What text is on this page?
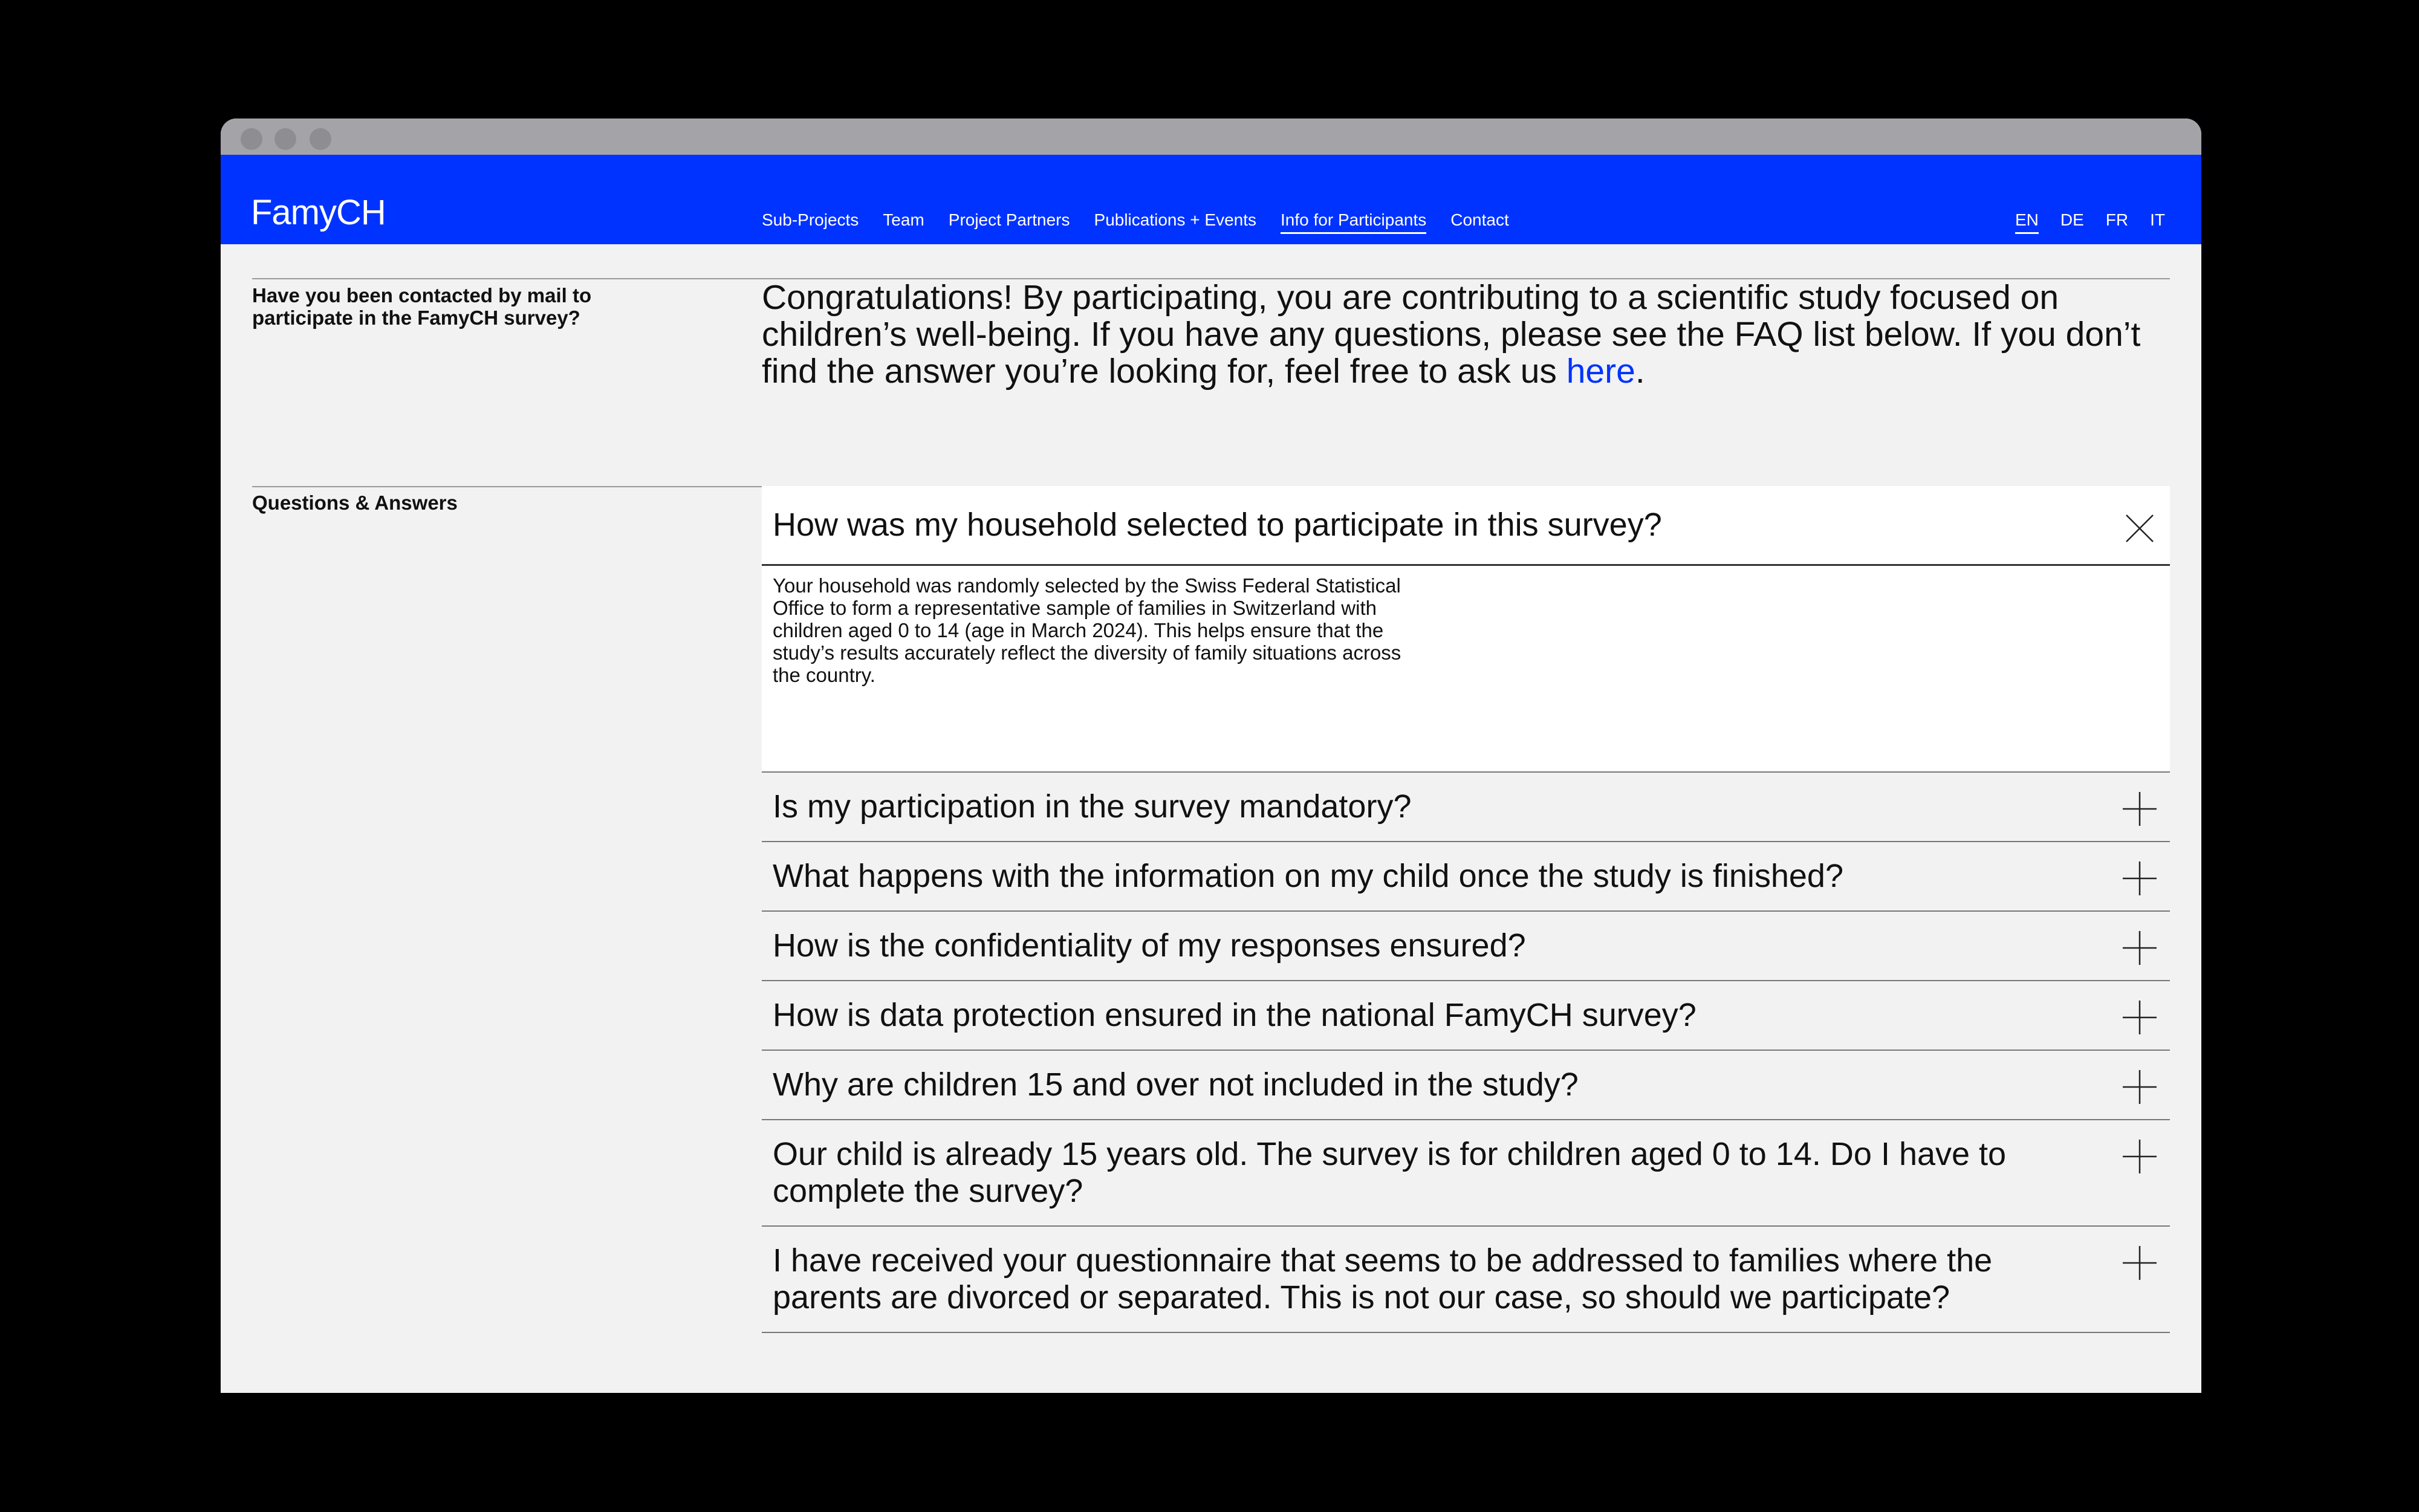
FamyCH	Sub-Projects Team Project Partners Publications + Events Info for Participants Contact	EN DE FR IT
Have you been contacted by mail to participate in the FamyCH survey?
Congratulations! By participating, you are contributing to a scientific study focused on children’s well-being. If you have any questions, please see the FAQ list below. If you don’t find the answer you’re looking for, feel free to ask us here.
Questions & Answers
How was my household selected to participate in this survey?
Your household was randomly selected by the Swiss Federal Statistical Office to form a representative sample of families in Switzerland with children aged 0 to 14 (age in March 2024). This helps ensure that the study’s results accurately reflect the diversity of family situations across the country.
Is my participation in the survey mandatory?
What happens with the information on my child once the study is finished?
How is the confidentiality of my responses ensured?
How is data protection ensured in the national FamyCH survey?
Why are children 15 and over not included in the study?
Our child is already 15 years old. The survey is for children aged 0 to 14. Do I have to complete the survey?
I have received your questionnaire that seems to be addressed to families where the parents are divorced or separated. This is not our case, so should we participate?
